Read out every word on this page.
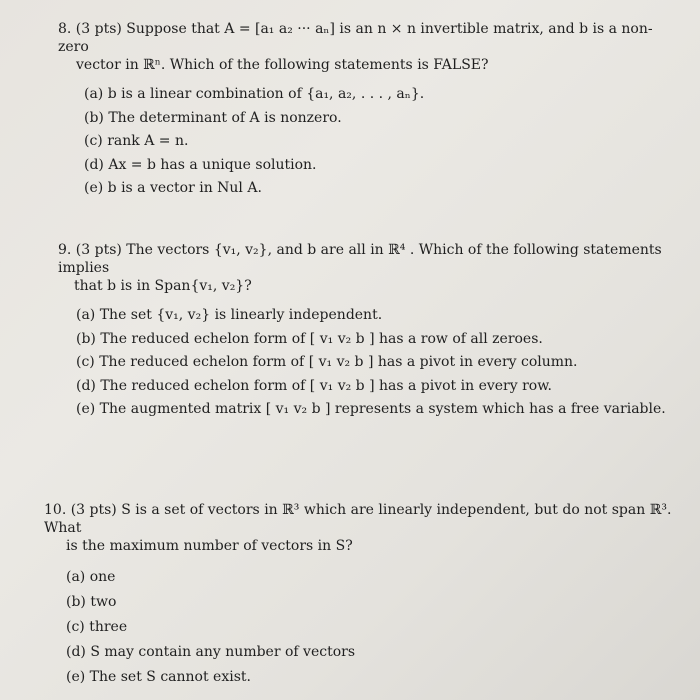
8. (3 pts) Suppose that A = [a₁ a₂ ··· aₙ] is an n × n invertible matrix, and b is a non-zero
vector in ℝⁿ. Which of the following statements is FALSE?
(a) b is a linear combination of {a₁, a₂, . . . , aₙ}.
(b) The determinant of A is nonzero.
(c) rank A = n.
(d) Ax = b has a unique solution.
(e) b is a vector in Nul A.
9. (3 pts) The vectors {v₁, v₂}, and b are all in ℝ⁴ . Which of the following statements implies
that b is in Span{v₁, v₂}?
(a) The set {v₁, v₂} is linearly independent.
(b) The reduced echelon form of [ v₁ v₂ b ] has a row of all zeroes.
(c) The reduced echelon form of [ v₁ v₂ b ] has a pivot in every column.
(d) The reduced echelon form of [ v₁ v₂ b ] has a pivot in every row.
(e) The augmented matrix [ v₁ v₂ b ] represents a system which has a free variable.
10. (3 pts) S is a set of vectors in ℝ³ which are linearly independent, but do not span ℝ³. What
is the maximum number of vectors in S?
(a) one
(b) two
(c) three
(d) S may contain any number of vectors
(e) The set S cannot exist.
